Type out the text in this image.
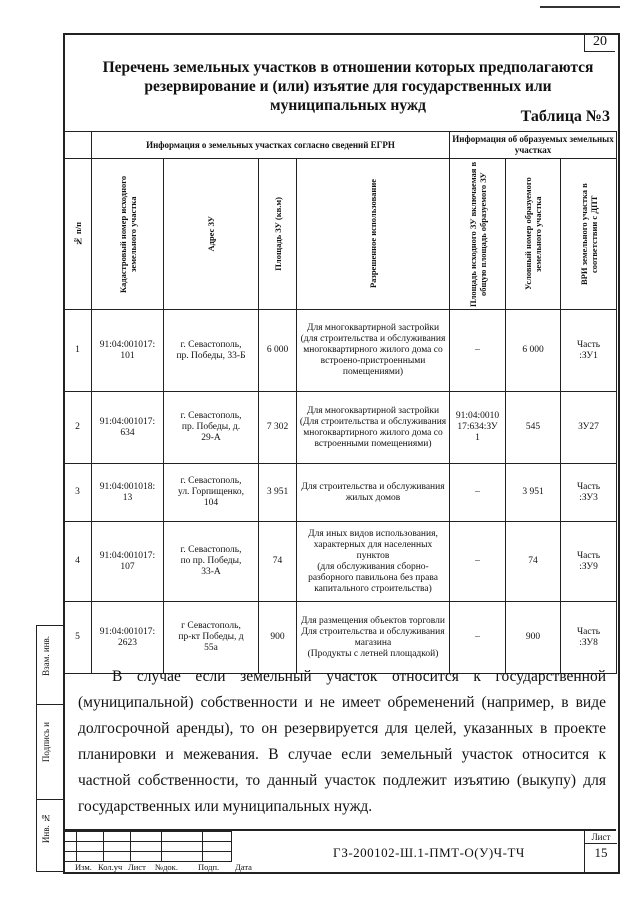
20
Перечень земельных участков в отношении которых предполагаются резервирование и (или) изъятие для государственных или муниципальных нужд
Таблица №3
	Информация о земельных участках согласно сведений ЕГРН				Информация об образуемых земельных участках		

№ п/п	Кадастровый номер исходного земельного участка	Адрес ЗУ	Площадь ЗУ (кв.м)	Разрешенное использование	Площадь исходного ЗУ включаемая в общую площадь образуемого ЗУ	Условный номер образуемого земельного участка	ВРИ земельного участка в соответствии с ДПТ

1	91:04:001017:
101	г. Севастополь,
пр. Победы, 33-Б	6 000	Для многоквартирной застройки
(для строительства и обслуживания многоквартирного жилого дома со встроено-пристроенными помещениями)	–	6 000	Часть
:ЗУ1
2	91:04:001017:
634	г. Севастополь,
пр. Победы, д.
29-А	7 302	Для многоквартирной застройки
(Для строительства и обслуживания многоквартирного жилого дома со встроенными помещениями)	91:04:0010
17:634:ЗУ
1	545	ЗУ27
3	91:04:001018:
13	г. Севастополь,
ул. Горпищенко,
104	3 951	Для строительства и обслуживания жилых домов	–	3 951	Часть
:ЗУ3
4	91:04:001017:
107	г. Севастополь,
по пр. Победы,
33-А	74	Для иных видов использования, характерных для населенных пунктов
(для обслуживания сборно-разборного павильона без права капитального строительства)	–	74	Часть
:ЗУ9
5	91:04:001017:
2623	г Севастополь,
пр-кт Победы, д
55а	900	Для размещения объектов торговли
Для строительства и обслуживания магазина
(Продукты с летней площадкой)	–	900	Часть
:ЗУ8
В случае если земельный участок относится к государственной (муниципальной) собственности и не имеет обременений (например, в виде долгосрочной аренды), то он резервируется для целей, указанных в проекте планировки и межевания. В случае если земельный участок относится к частной собственности, то данный участок подлежит изъятию (выкупу) для государственных или муниципальных нужд.
Взам. инв.
Подпись и
Инв. №

Изм. Кол.уч Лист №док. Подп. Дата
ГЗ-200102-Ш.1-ПМТ-О(У)Ч-ТЧ
Лист
15
